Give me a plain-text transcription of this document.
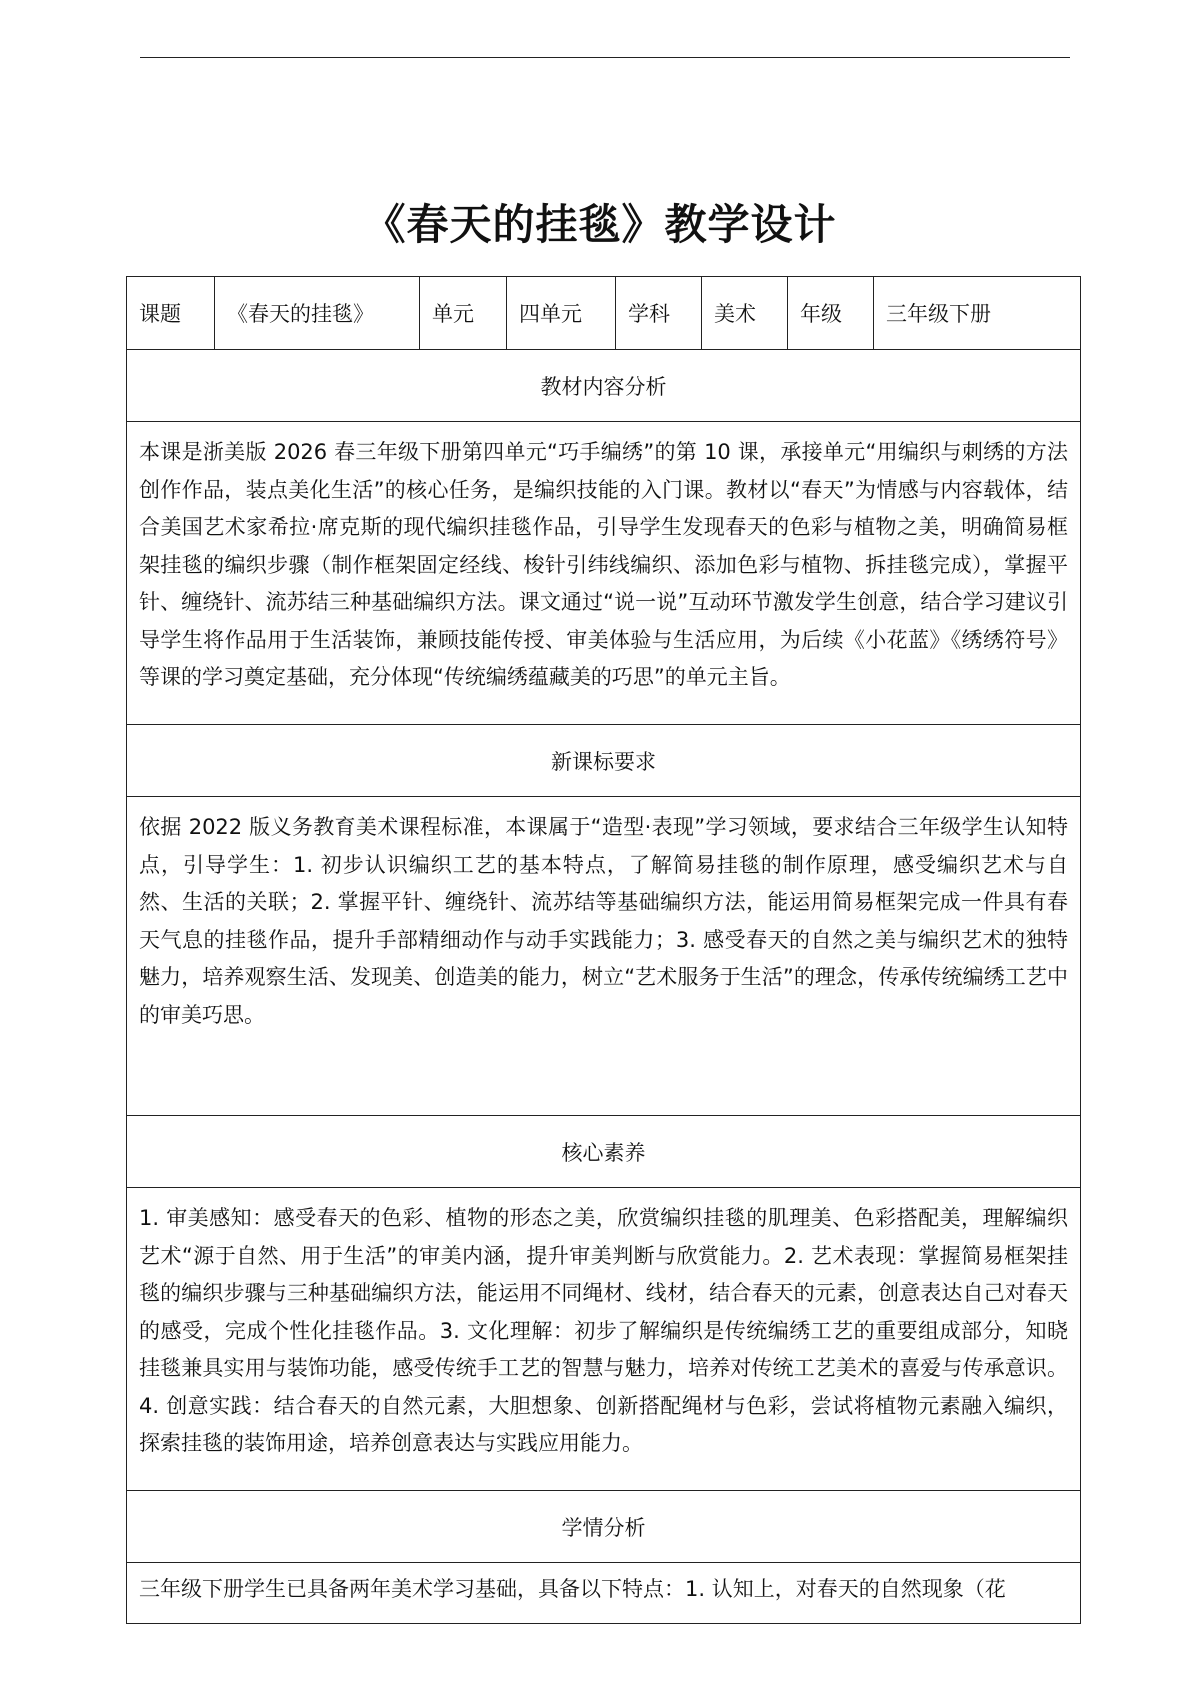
《春天的挂毯》教学设计
课题	《春天的挂毯》	单元	四单元	学科	美术	年级	三年级下册
教材内容分析
本课是浙美版 2026 春三年级下册第四单元“巧手编绣”的第 10 课，承接单元“用编织与刺绣的方法创作作品，装点美化生活”的核心任务，是编织技能的入门课。教材以“春天”为情感与内容载体，结合美国艺术家希拉·席克斯的现代编织挂毯作品，引导学生发现春天的色彩与植物之美，明确简易框架挂毯的编织步骤（制作框架固定经线、梭针引纬线编织、添加色彩与植物、拆挂毯完成），掌握平针、缠绕针、流苏结三种基础编织方法。课文通过“说一说”互动环节激发学生创意，结合学习建议引导学生将作品用于生活装饰，兼顾技能传授、审美体验与生活应用，为后续《小花蓝》《绣绣符号》等课的学习奠定基础，充分体现“传统编绣蕴藏美的巧思”的单元主旨。
新课标要求
依据 2022 版义务教育美术课程标准，本课属于“造型·表现”学习领域，要求结合三年级学生认知特点，引导学生：1. 初步认识编织工艺的基本特点，了解简易挂毯的制作原理，感受编织艺术与自然、生活的关联；2. 掌握平针、缠绕针、流苏结等基础编织方法，能运用简易框架完成一件具有春天气息的挂毯作品，提升手部精细动作与动手实践能力；3. 感受春天的自然之美与编织艺术的独特魅力，培养观察生活、发现美、创造美的能力，树立“艺术服务于生活”的理念，传承传统编绣工艺中的审美巧思。
核心素养
1. 审美感知：感受春天的色彩、植物的形态之美，欣赏编织挂毯的肌理美、色彩搭配美，理解编织艺术“源于自然、用于生活”的审美内涵，提升审美判断与欣赏能力。2. 艺术表现：掌握简易框架挂毯的编织步骤与三种基础编织方法，能运用不同绳材、线材，结合春天的元素，创意表达自己对春天的感受，完成个性化挂毯作品。3. 文化理解：初步了解编织是传统编绣工艺的重要组成部分，知晓挂毯兼具实用与装饰功能，感受传统手工艺的智慧与魅力，培养对传统工艺美术的喜爱与传承意识。4. 创意实践：结合春天的自然元素，大胆想象、创新搭配绳材与色彩，尝试将植物元素融入编织，探索挂毯的装饰用途，培养创意表达与实践应用能力。
学情分析
三年级下册学生已具备两年美术学习基础，具备以下特点：1. 认知上，对春天的自然现象（花
